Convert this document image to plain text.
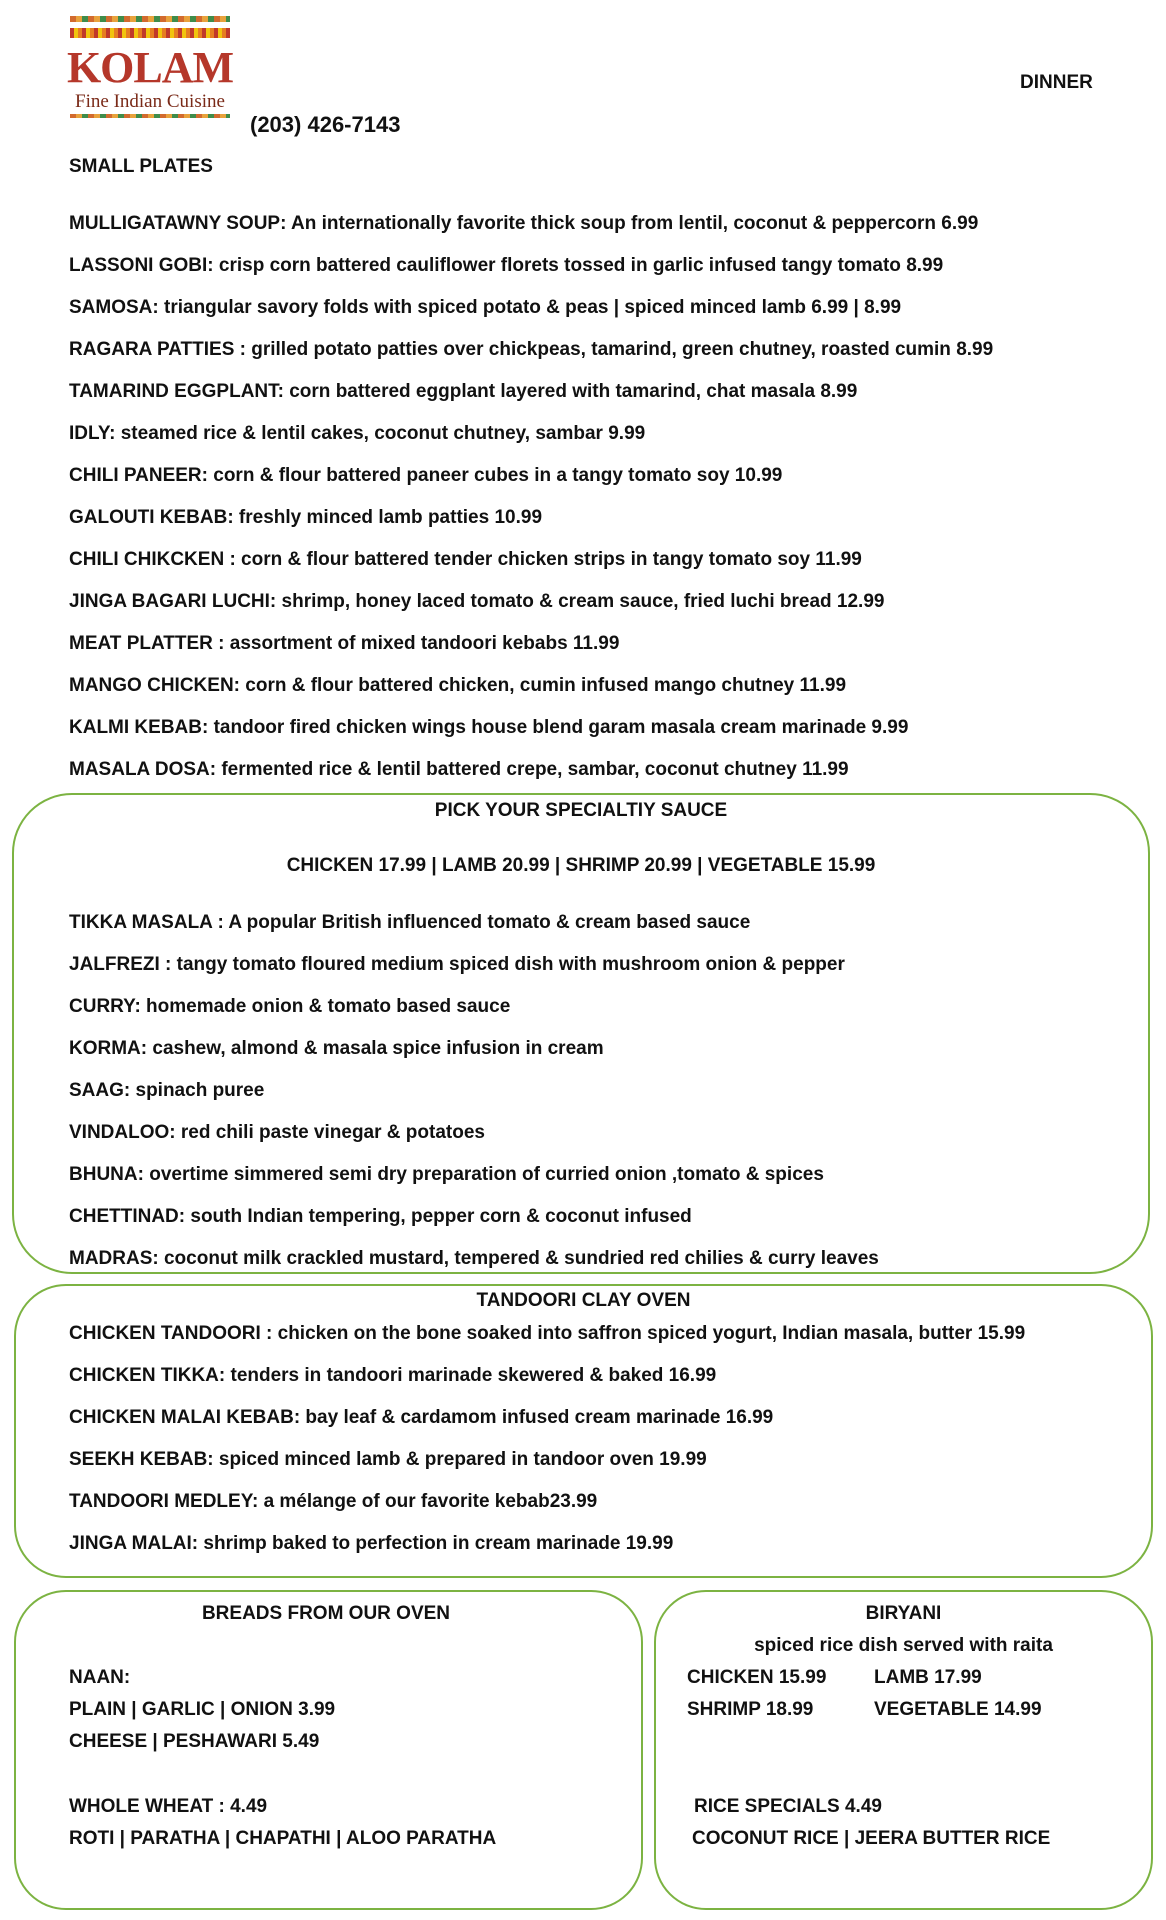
KOLAM
Fine Indian Cuisine
(203) 426-7143
DINNER
SMALL PLATES
MULLIGATAWNY SOUP: An internationally favorite thick soup from lentil, coconut & peppercorn 6.99
LASSONI GOBI: crisp corn battered cauliflower florets tossed in garlic infused tangy tomato 8.99
SAMOSA: triangular savory folds with spiced potato & peas | spiced minced lamb 6.99 | 8.99
RAGARA PATTIES : grilled potato patties over chickpeas, tamarind, green chutney, roasted cumin 8.99
TAMARIND EGGPLANT: corn battered eggplant layered with tamarind, chat masala 8.99
IDLY: steamed rice & lentil cakes, coconut chutney, sambar 9.99
CHILI PANEER: corn & flour battered paneer cubes in a tangy tomato soy 10.99
GALOUTI KEBAB: freshly minced lamb patties 10.99
CHILI CHIKCKEN : corn & flour battered tender chicken strips in tangy tomato soy 11.99
JINGA BAGARI LUCHI: shrimp, honey laced tomato & cream sauce, fried luchi bread 12.99
MEAT PLATTER : assortment of mixed tandoori kebabs 11.99
MANGO CHICKEN: corn & flour battered chicken, cumin infused mango chutney 11.99
KALMI KEBAB: tandoor fired chicken wings house blend garam masala cream marinade 9.99
MASALA DOSA: fermented rice & lentil battered crepe, sambar, coconut chutney 11.99
PICK YOUR SPECIALTIY SAUCE
CHICKEN 17.99 | LAMB 20.99 | SHRIMP 20.99 | VEGETABLE 15.99
TIKKA MASALA : A popular British influenced tomato & cream based sauce
JALFREZI : tangy tomato floured medium spiced dish with mushroom onion & pepper
CURRY: homemade onion & tomato based sauce
KORMA: cashew, almond & masala spice infusion in cream
SAAG: spinach puree
VINDALOO: red chili paste vinegar & potatoes
BHUNA: overtime simmered semi dry preparation of curried onion ,tomato & spices
CHETTINAD: south Indian tempering, pepper corn & coconut infused
MADRAS: coconut milk crackled mustard, tempered & sundried red chilies & curry leaves
TANDOORI CLAY OVEN
CHICKEN TANDOORI : chicken on the bone soaked into saffron spiced yogurt, Indian masala, butter 15.99
CHICKEN TIKKA: tenders in tandoori marinade skewered & baked 16.99
CHICKEN MALAI KEBAB: bay leaf & cardamom infused cream marinade 16.99
SEEKH KEBAB: spiced minced lamb & prepared in tandoor oven 19.99
TANDOORI MEDLEY: a mélange of our favorite kebab23.99
JINGA MALAI: shrimp baked to perfection in cream marinade 19.99
BREADS FROM OUR OVEN
NAAN:
PLAIN | GARLIC | ONION 3.99
CHEESE | PESHAWARI 5.49
WHOLE WHEAT : 4.49
ROTI | PARATHA | CHAPATHI | ALOO PARATHA
BIRYANI
spiced rice dish served with raita
CHICKEN 15.99	LAMB 17.99
SHRIMP 18.99	VEGETABLE 14.99
RICE SPECIALS 4.49
COCONUT RICE | JEERA BUTTER RICE
